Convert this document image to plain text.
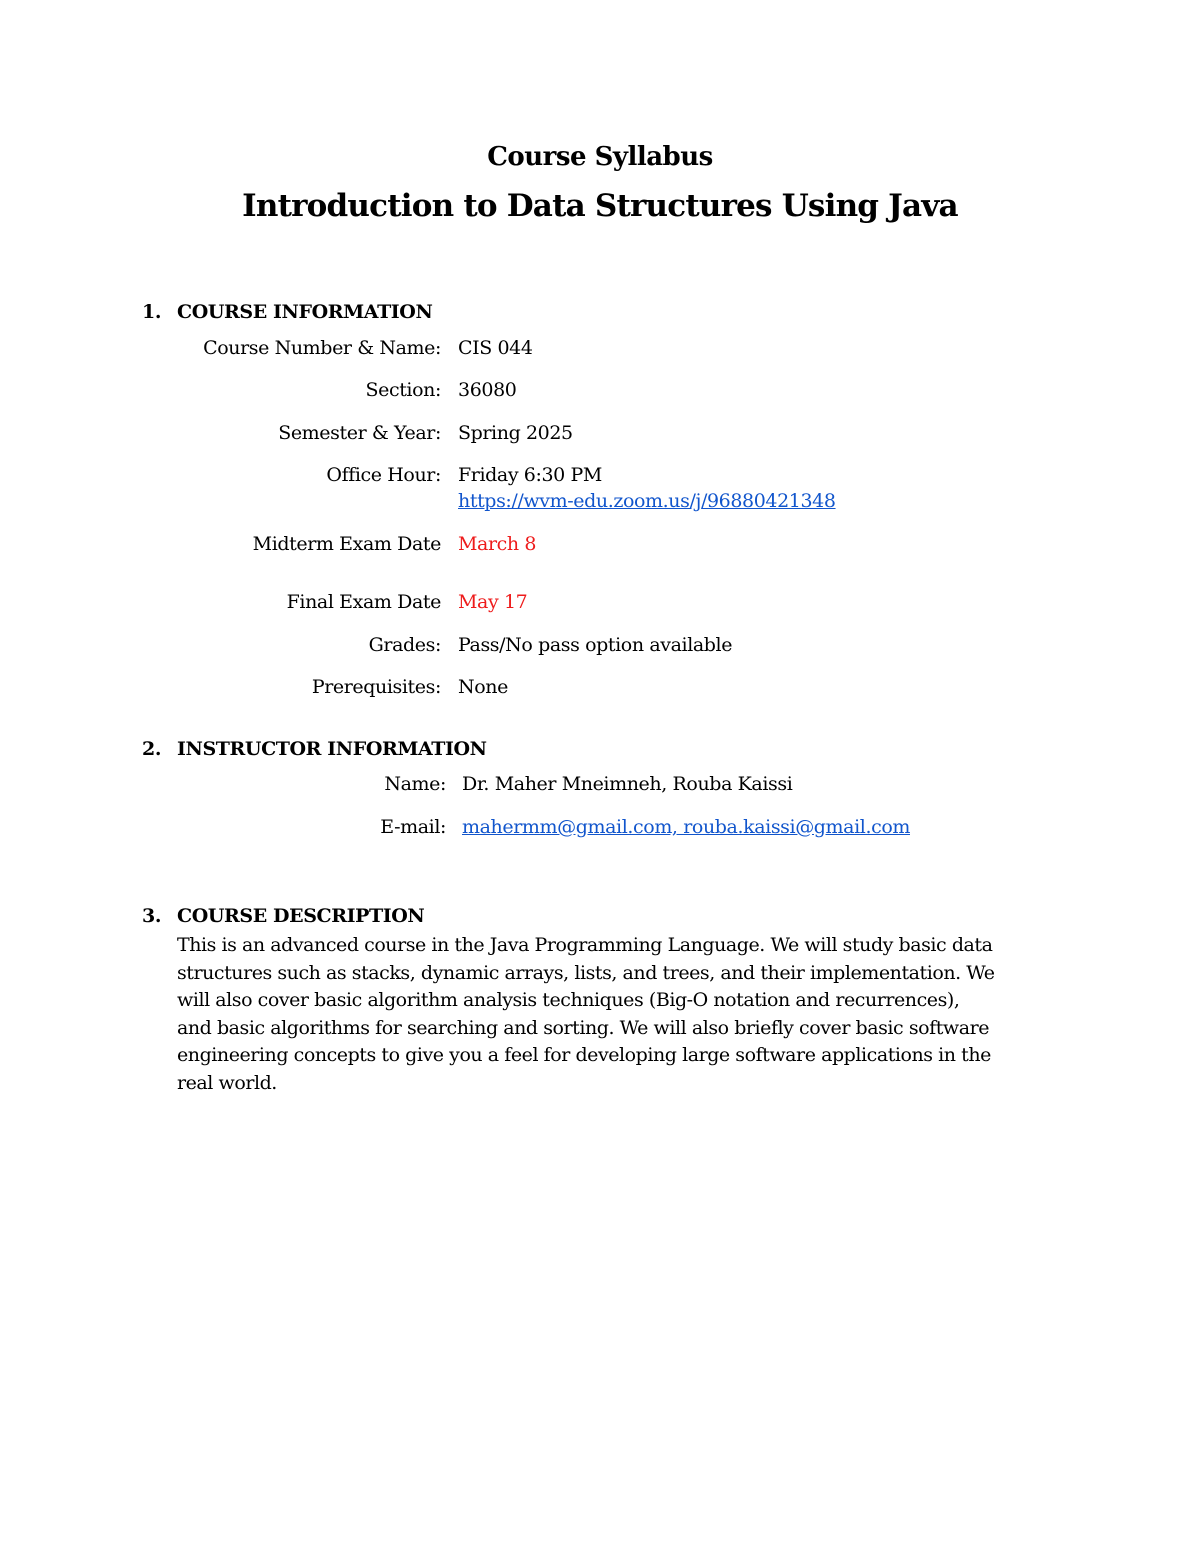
Course Syllabus
Introduction to Data Structures Using Java
1. COURSE INFORMATION
Course Number & Name: CIS 044
Section: 36080
Semester & Year: Spring 2025
Office Hour: Friday 6:30 PM
https://wvm-edu.zoom.us/j/96880421348
Midterm Exam Date March 8
Final Exam Date May 17
Grades: Pass/No pass option available
Prerequisites: None
2. INSTRUCTOR INFORMATION
Name: Dr. Maher Mneimneh, Rouba Kaissi
E-mail: mahermm@gmail.com, rouba.kaissi@gmail.com
3. COURSE DESCRIPTION
This is an advanced course in the Java Programming Language. We will study basic data
structures such as stacks, dynamic arrays, lists, and trees, and their implementation. We
will also cover basic algorithm analysis techniques (Big-O notation and recurrences),
and basic algorithms for searching and sorting. We will also briefly cover basic software
engineering concepts to give you a feel for developing large software applications in the
real world.
